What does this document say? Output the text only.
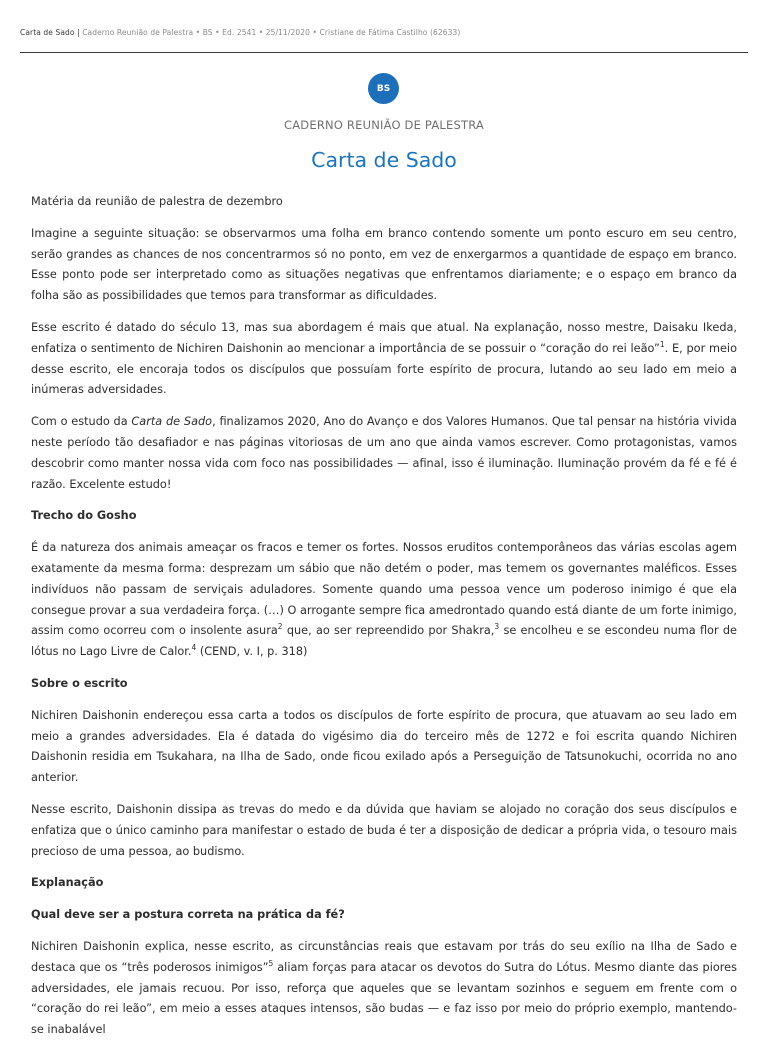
Carta de Sado | Caderno Reunião de Palestra • BS • Ed. 2541 • 25/11/2020 • Cristiane de Fátima Castilho (62633)
BS
CADERNO REUNIÃO DE PALESTRA
Carta de Sado

Matéria da reunião de palestra de dezembro

Imagine a seguinte situação: se observarmos uma folha em branco contendo somente um ponto escuro em seu centro, serão grandes as chances de nos concentrarmos só no ponto, em vez de enxergarmos a quantidade de espaço em branco. Esse ponto pode ser interpretado como as situações negativas que enfrentamos diariamente; e o espaço em branco da folha são as possibilidades que temos para transformar as dificuldades.

Esse escrito é datado do século 13, mas sua abordagem é mais que atual. Na explanação, nosso mestre, Daisaku Ikeda, enfatiza o sentimento de Nichiren Daishonin ao mencionar a importância de se possuir o “coração do rei leão”$^1$. E, por meio desse escrito, ele encoraja todos os discípulos que possuíam forte espírito de procura, lutando ao seu lado em meio a inúmeras adversidades.

Com o estudo da Carta de Sado, finalizamos 2020, Ano do Avanço e dos Valores Humanos. Que tal pensar na história vivida neste período tão desafiador e nas páginas vitoriosas de um ano que ainda vamos escrever. Como protagonistas, vamos descobrir como manter nossa vida com foco nas possibilidades — afinal, isso é iluminação. Iluminação provém da fé e fé é razão. Excelente estudo!

Trecho do Gosho

É da natureza dos animais ameaçar os fracos e temer os fortes. Nossos eruditos contemporâneos das várias escolas agem exatamente da mesma forma: desprezam um sábio que não detém o poder, mas temem os governantes maléficos. Esses indivíduos não passam de serviçais aduladores. Somente quando uma pessoa vence um poderoso inimigo é que ela consegue provar a sua verdadeira força. (…) O arrogante sempre fica amedrontado quando está diante de um forte inimigo, assim como ocorreu com o insolente asura$^2$ que, ao ser repreendido por Shakra,$^3$ se encolheu e se escondeu numa flor de lótus no Lago Livre de Calor.$^4$ (CEND, v. I, p. 318)

Sobre o escrito

Nichiren Daishonin endereçou essa carta a todos os discípulos de forte espírito de procura, que atuavam ao seu lado em meio a grandes adversidades. Ela é datada do vigésimo dia do terceiro mês de 1272 e foi escrita quando Nichiren Daishonin residia em Tsukahara, na Ilha de Sado, onde ficou exilado após a Perseguição de Tatsunokuchi, ocorrida no ano anterior.

Nesse escrito, Daishonin dissipa as trevas do medo e da dúvida que haviam se alojado no coração dos seus discípulos e enfatiza que o único caminho para manifestar o estado de buda é ter a disposição de dedicar a própria vida, o tesouro mais precioso de uma pessoa, ao budismo.

Explanação

Qual deve ser a postura correta na prática da fé?

Nichiren Daishonin explica, nesse escrito, as circunstâncias reais que estavam por trás do seu exílio na Ilha de Sado e destaca que os “três poderosos inimigos”$^5$ aliam forças para atacar os devotos do Sutra do Lótus. Mesmo diante das piores adversidades, ele jamais recuou. Por isso, reforça que aqueles que se levantam sozinhos e seguem em frente com o “coração do rei leão”, em meio a esses ataques intensos, são budas — e faz isso por meio do próprio exemplo, mantendo-se inabalável
